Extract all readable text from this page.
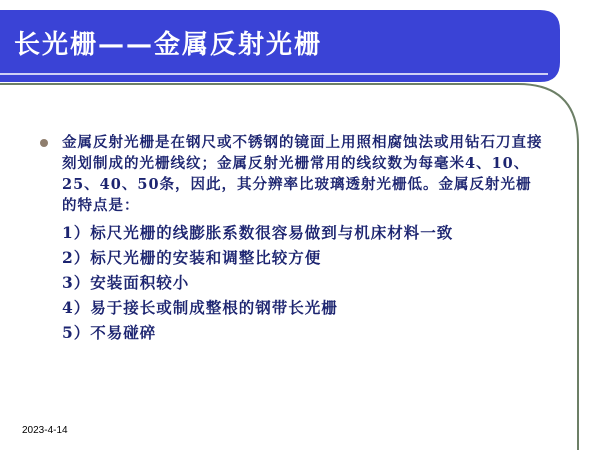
长光栅——金属反射光栅
金属反射光栅是在钢尺或不锈钢的镜面上用照相腐蚀法或用钻石刀直接刻划制成的光栅线纹；金属反射光栅常用的线纹数为每毫米4、10、25、40、50条，因此，其分辨率比玻璃透射光栅低。金属反射光栅的特点是：
1）标尺光栅的线膨胀系数很容易做到与机床材料一致
2）标尺光栅的安装和调整比较方便
3）安装面积较小
4）易于接长或制成整根的钢带长光栅
5）不易碰碎
2023-4-14
